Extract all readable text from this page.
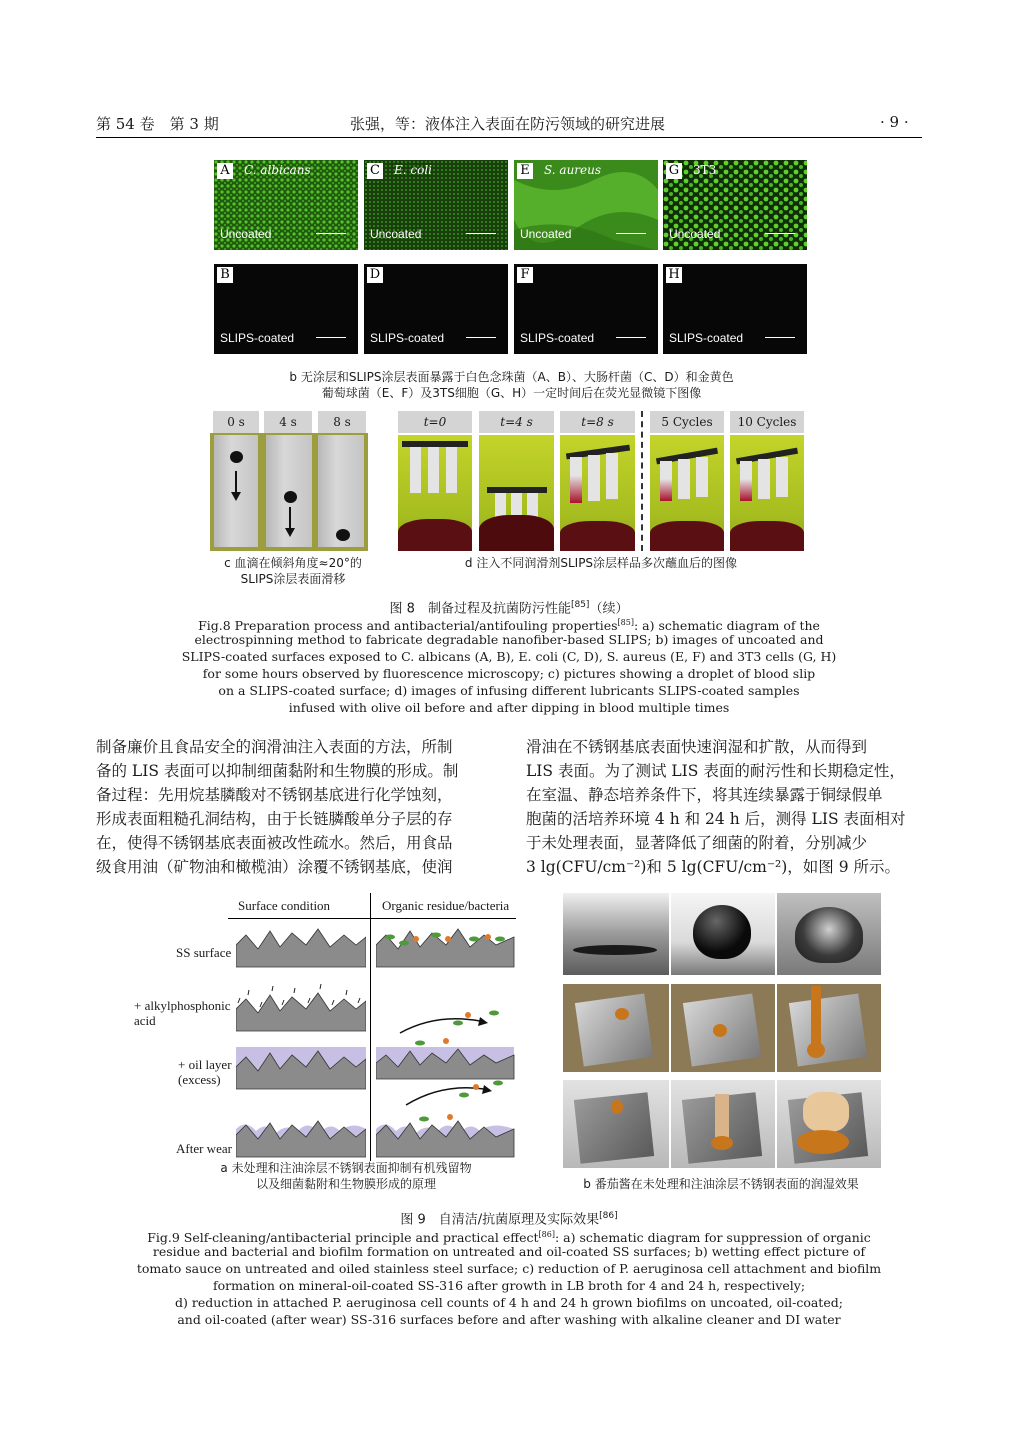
第 54 卷　第 3 期	张强，等：液体注入表面在防污领域的研究进展	· 9 ·
A C. albicans
Uncoated
C E. coli
Uncoated
E S. aureus
Uncoated
G 3T3
Uncoated
B
SLIPS-coated
D
SLIPS-coated
F
SLIPS-coated
H
SLIPS-coated
b 无涂层和SLIPS涂层表面暴露于白色念珠菌（A、B）、大肠杆菌（C、D）和金黄色
葡萄球菌（E、F）及3TS细胞（G、H）一定时间后在荧光显微镜下图像
0 s	4 s	8 s
c 血滴在倾斜角度≈20°的
SLIPS涂层表面滑移
t=0	t=4 s	t=8 s	5 Cycles	10 Cycles
d 注入不同润滑剂SLIPS涂层样品多次蘸血后的图像
图 8　制备过程及抗菌防污性能[85]（续）
Fig.8 Preparation process and antibacterial/antifouling properties[85]: a) schematic diagram of the
electrospinning method to fabricate degradable nanofiber-based SLIPS; b) images of uncoated and
SLIPS-coated surfaces exposed to C. albicans (A, B), E. coli (C, D), S. aureus (E, F) and 3T3 cells (G, H)
for some hours observed by fluorescence microscopy; c) pictures showing a droplet of blood slip
on a SLIPS-coated surface; d) images of infusing different lubricants SLIPS-coated samples
infused with olive oil before and after dipping in blood multiple times
制备廉价且食品安全的润滑油注入表面的方法，所制
备的 LIS 表面可以抑制细菌黏附和生物膜的形成。制
备过程：先用烷基膦酸对不锈钢基底进行化学蚀刻，
形成表面粗糙孔洞结构，由于长链膦酸单分子层的存
在，使得不锈钢基底表面被改性疏水。然后，用食品
级食用油（矿物油和橄榄油）涂覆不锈钢基底，使润
滑油在不锈钢基底表面快速润湿和扩散，从而得到
LIS 表面。为了测试 LIS 表面的耐污性和长期稳定性，
在室温、静态培养条件下，将其连续暴露于铜绿假单
胞菌的活培养环境 4 h 和 24 h 后，测得 LIS 表面相对
于未处理表面，显著降低了细菌的附着，分别减少
3 lg(CFU/cm⁻²)和 5 lg(CFU/cm⁻²)，如图 9 所示。
Surface condition	Organic residue/bacteria
SS surface
+ alkylphosphonic
acid
+ oil layer
(excess)
After wear
a 未处理和注油涂层不锈钢表面抑制有机残留物
以及细菌黏附和生物膜形成的原理	b 番茄酱在未处理和注油涂层不锈钢表面的润湿效果
图 9　自清洁/抗菌原理及实际效果[86]
Fig.9 Self-cleaning/antibacterial principle and practical effect[86]: a) schematic diagram for suppression of organic
residue and bacterial and biofilm formation on untreated and oil-coated SS surfaces; b) wetting effect picture of
tomato sauce on untreated and oiled stainless steel surface; c) reduction of P. aeruginosa cell attachment and biofilm
formation on mineral-oil-coated SS-316 after growth in LB broth for 4 and 24 h, respectively;
d) reduction in attached P. aeruginosa cell counts of 4 h and 24 h grown biofilms on uncoated, oil-coated;
and oil-coated (after wear) SS-316 surfaces before and after washing with alkaline cleaner and DI water
